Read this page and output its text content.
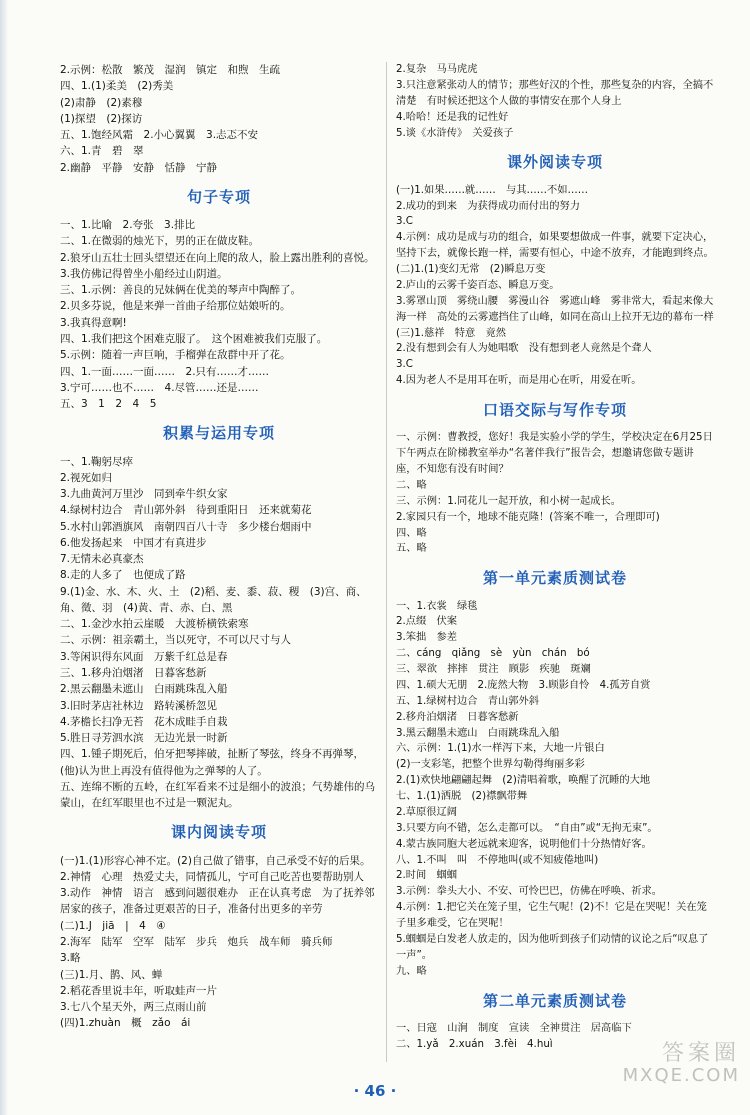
2.示例：松散　繁茂　湿润　镇定　和煦　生疏
四、1.(1)柔美　(2)秀美
(2)肃静　(2)素穆
(1)探望　(2)探访
五、1.饱经风霜　2.小心翼翼　3.忐忑不安
六、1.青　碧　翠
2.幽静　平静　安静　恬静　宁静
句子专项
一、1.比喻　2.夸张　3.排比
二、1.在微弱的烛光下，男的正在做皮鞋。
2.狼牙山五壮士回头望望还在向上爬的敌人，脸上露出胜利的喜悦。
3.我仿佛记得曾坐小船经过山阴道。
三、1.示例：善良的兄妹俩在优美的琴声中陶醉了。
2.贝多芬说，他是来弹一首曲子给那位姑娘听的。
3.我真得意啊!
四、1.我们把这个困难克服了。　这个困难被我们克服了。
5.示例：随着一声巨响，手榴弹在敌群中开了花。
四、1.一面……一面……　2.只有……才……
3.宁可……也不……　4.尽管……还是……
五、3　1　2　4　5
积累与运用专项
一、1.鞠躬尽瘁
2.视死如归
3.九曲黄河万里沙　同到牵牛织女家
4.绿树村边合　青山郭外斜　待到重阳日　还来就菊花
5.水村山郭酒旗风　南朝四百八十寺　多少楼台烟雨中
6.他发扬起来　中国才有真进步
7.无情未必真豪杰
8.走的人多了　也便成了路
9.(1)金、水、木、火、土　(2)稻、麦、黍、菽、稷　(3)宫、商、角、徵、羽　(4)黄、青、赤、白、黑
二、1.金沙水拍云崖暖　大渡桥横铁索寒
二、示例：祖亲霸土，当以死守，不可以尺寸与人
3.等闲识得东风面　万紫千红总是春
三、1.移舟泊烟渚　日暮客愁新
2.黑云翻墨未遮山　白雨跳珠乱入船
3.旧时茅店社林边　路转溪桥忽见
4.茅檐长扫净无苔　花木成畦手自栽
5.胜日寻芳泗水滨　无边光景一时新
四、1.锺子期死后，伯牙把琴摔破，扯断了琴弦，终身不再弹琴，(他)认为世上再没有值得他为之弹琴的人了。
五、连绵不断的五岭，在红军看来不过是细小的波浪；气势雄伟的乌蒙山，在红军眼里也不过是一颗泥丸。
课内阅读专项
(一)1.(1)形容心神不定。(2)自己做了错事，自己承受不好的后果。
2.神情　心理　热爱丈夫，同情孤儿，宁可自己吃苦也要帮助别人
3.动作　神情　语言　感到问题很难办　正在认真考虑　为了抚养邻居家的孩子，准备过更艰苦的日子，准备付出更多的辛劳
(二)1.J　jiā　|　4　④
2.海军　陆军　空军　陆军　步兵　炮兵　战车师　骑兵师
3.略
(三)1.月、鹊、风、蝉
2.稻花香里说丰年，听取蛙声一片
3.七八个星天外，两三点雨山前
(四)1.zhuàn　概　zǎo　ái
2.复杂　马马虎虎
3.只注意紧张动人的情节；那些好汉的个性，那些复杂的内容，全搞不清楚　有时候还把这个人做的事情安在那个人身上
4.哈哈！还是我的记性好
5.谈《水浒传》　关爱孩子
课外阅读专项
(一)1.如果……就……　与其……不如……
2.成功的到来　为获得成功而付出的努力
3.C
4.示例：成功是成与功的组合，如果要想做成一件事，就要下定决心，坚持下去，就像长跑一样，需要有恒心，中途不放弃，才能跑到终点。
(二)1.(1)变幻无常　(2)瞬息万变
2.庐山的云雾千姿百态、瞬息万变。
3.雾罩山顶　雾绕山腰　雾漫山谷　雾遮山峰　雾非常大，看起来像大海一样　高处的云雾遮挡住了山峰，如同在高山上拉开无边的幕布一样
(三)1.慈祥　特意　竟然
2.没有想到会有人为她唱歌　没有想到老人竟然是个聋人
3.C
4.因为老人不是用耳在听，而是用心在听，用爱在听。
口语交际与写作专项
一、示例：曹教授，您好！我是实验小学的学生，学校决定在6月25日下午两点在阶梯教室举办“名著伴我行”报告会，想邀请您做专题讲座，不知您有没有时间？
二、略
三、示例：1.同花儿一起开放，和小树一起成长。
2.家园只有一个，地球不能克隆！(答案不唯一，合理即可)
四、略
五、略
第一单元素质测试卷
一、1.衣裳　绿毯
2.点缀　伏案
3.笨拙　参差
二、cáng　qiǎng　sè　yùn　chán　bó
三、翠欲　摔摔　贯注　顾影　疾驰　斑斓
四、1.硕大无朋　2.庞然大物　3.顾影自怜　4.孤芳自赏
五、1.绿树村边合　青山郭外斜
2.移舟泊烟渚　日暮客愁新
3.黑云翻墨未遮山　白雨跳珠乱入船
六、示例：1.(1)水一样泻下来，大地一片银白
(2)一支彩笔，把整个世界勾勒得绚丽多彩
2.(1)欢快地翩翩起舞　(2)清唱着歌，唤醒了沉睡的大地
七、1.(1)洒脱　(2)襟飘带舞
2.草原很辽阔
3.只要方向不错，怎么走都可以。　“自由”或“无拘无束”。
4.蒙古族同胞大老远就来迎客，说明他们十分热情好客。
八、1.不叫　叫　不停地叫(或不知疲倦地叫)
2.时间　蝈蝈
3.示例：拳头大小、不安、可怜巴巴，仿佛在呼唤、祈求。
4.示例：1.把它关在笼子里，它生气呢！(2)不！它是在哭呢！关在笼子里多难受，它在哭呢！
5.蝈蝈是白发老人放走的，因为他听到孩子们动情的议论之后“叹息了一声”。
九、略
第二单元素质测试卷
一、日寇　山涧　制度　宣读　全神贯注　居高临下
二、1.yǎ　2.xuán　3.fèi　4.huì
· 46 ·
答案圈
MXQE.COM
